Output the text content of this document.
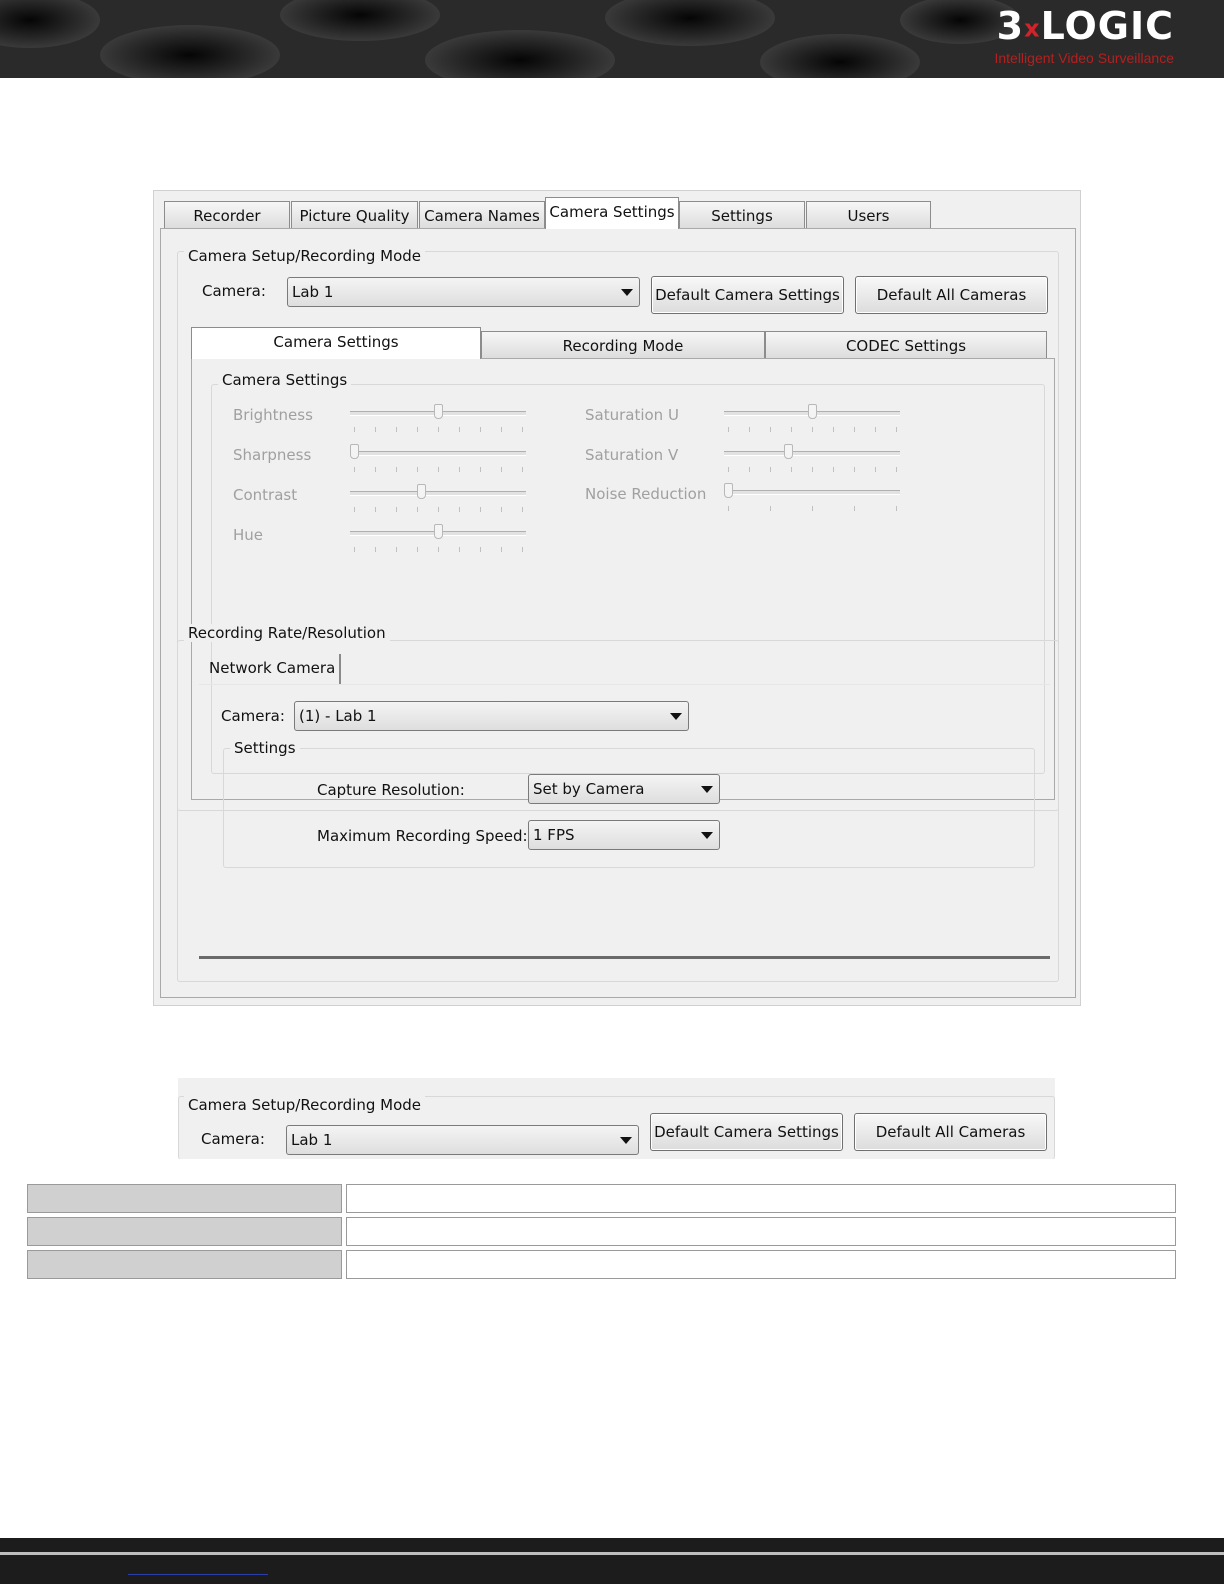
3xLOGIC
Intelligent Video Surveillance
Recorder	Picture Quality Camera Names Camera Settings	Settings	Users
Camera Setup/Recording Mode
Camera:	Lab 1	Default Camera Settings	Default All Cameras
Camera Settings	Recording Mode	CODEC Settings
Camera Settings
Brightness
Sharpness
Contrast
Hue
Saturation U
Saturation V
Noise Reduction
Recording Rate/Resolution
Network Camera
Camera: (1) - Lab 1
Settings
Capture Resolution:	Set by Camera
Maximum Recording Speed: 1 FPS
Camera Setup/Recording Mode
Camera:	Lab 1	Default Camera Settings	Default All Cameras
